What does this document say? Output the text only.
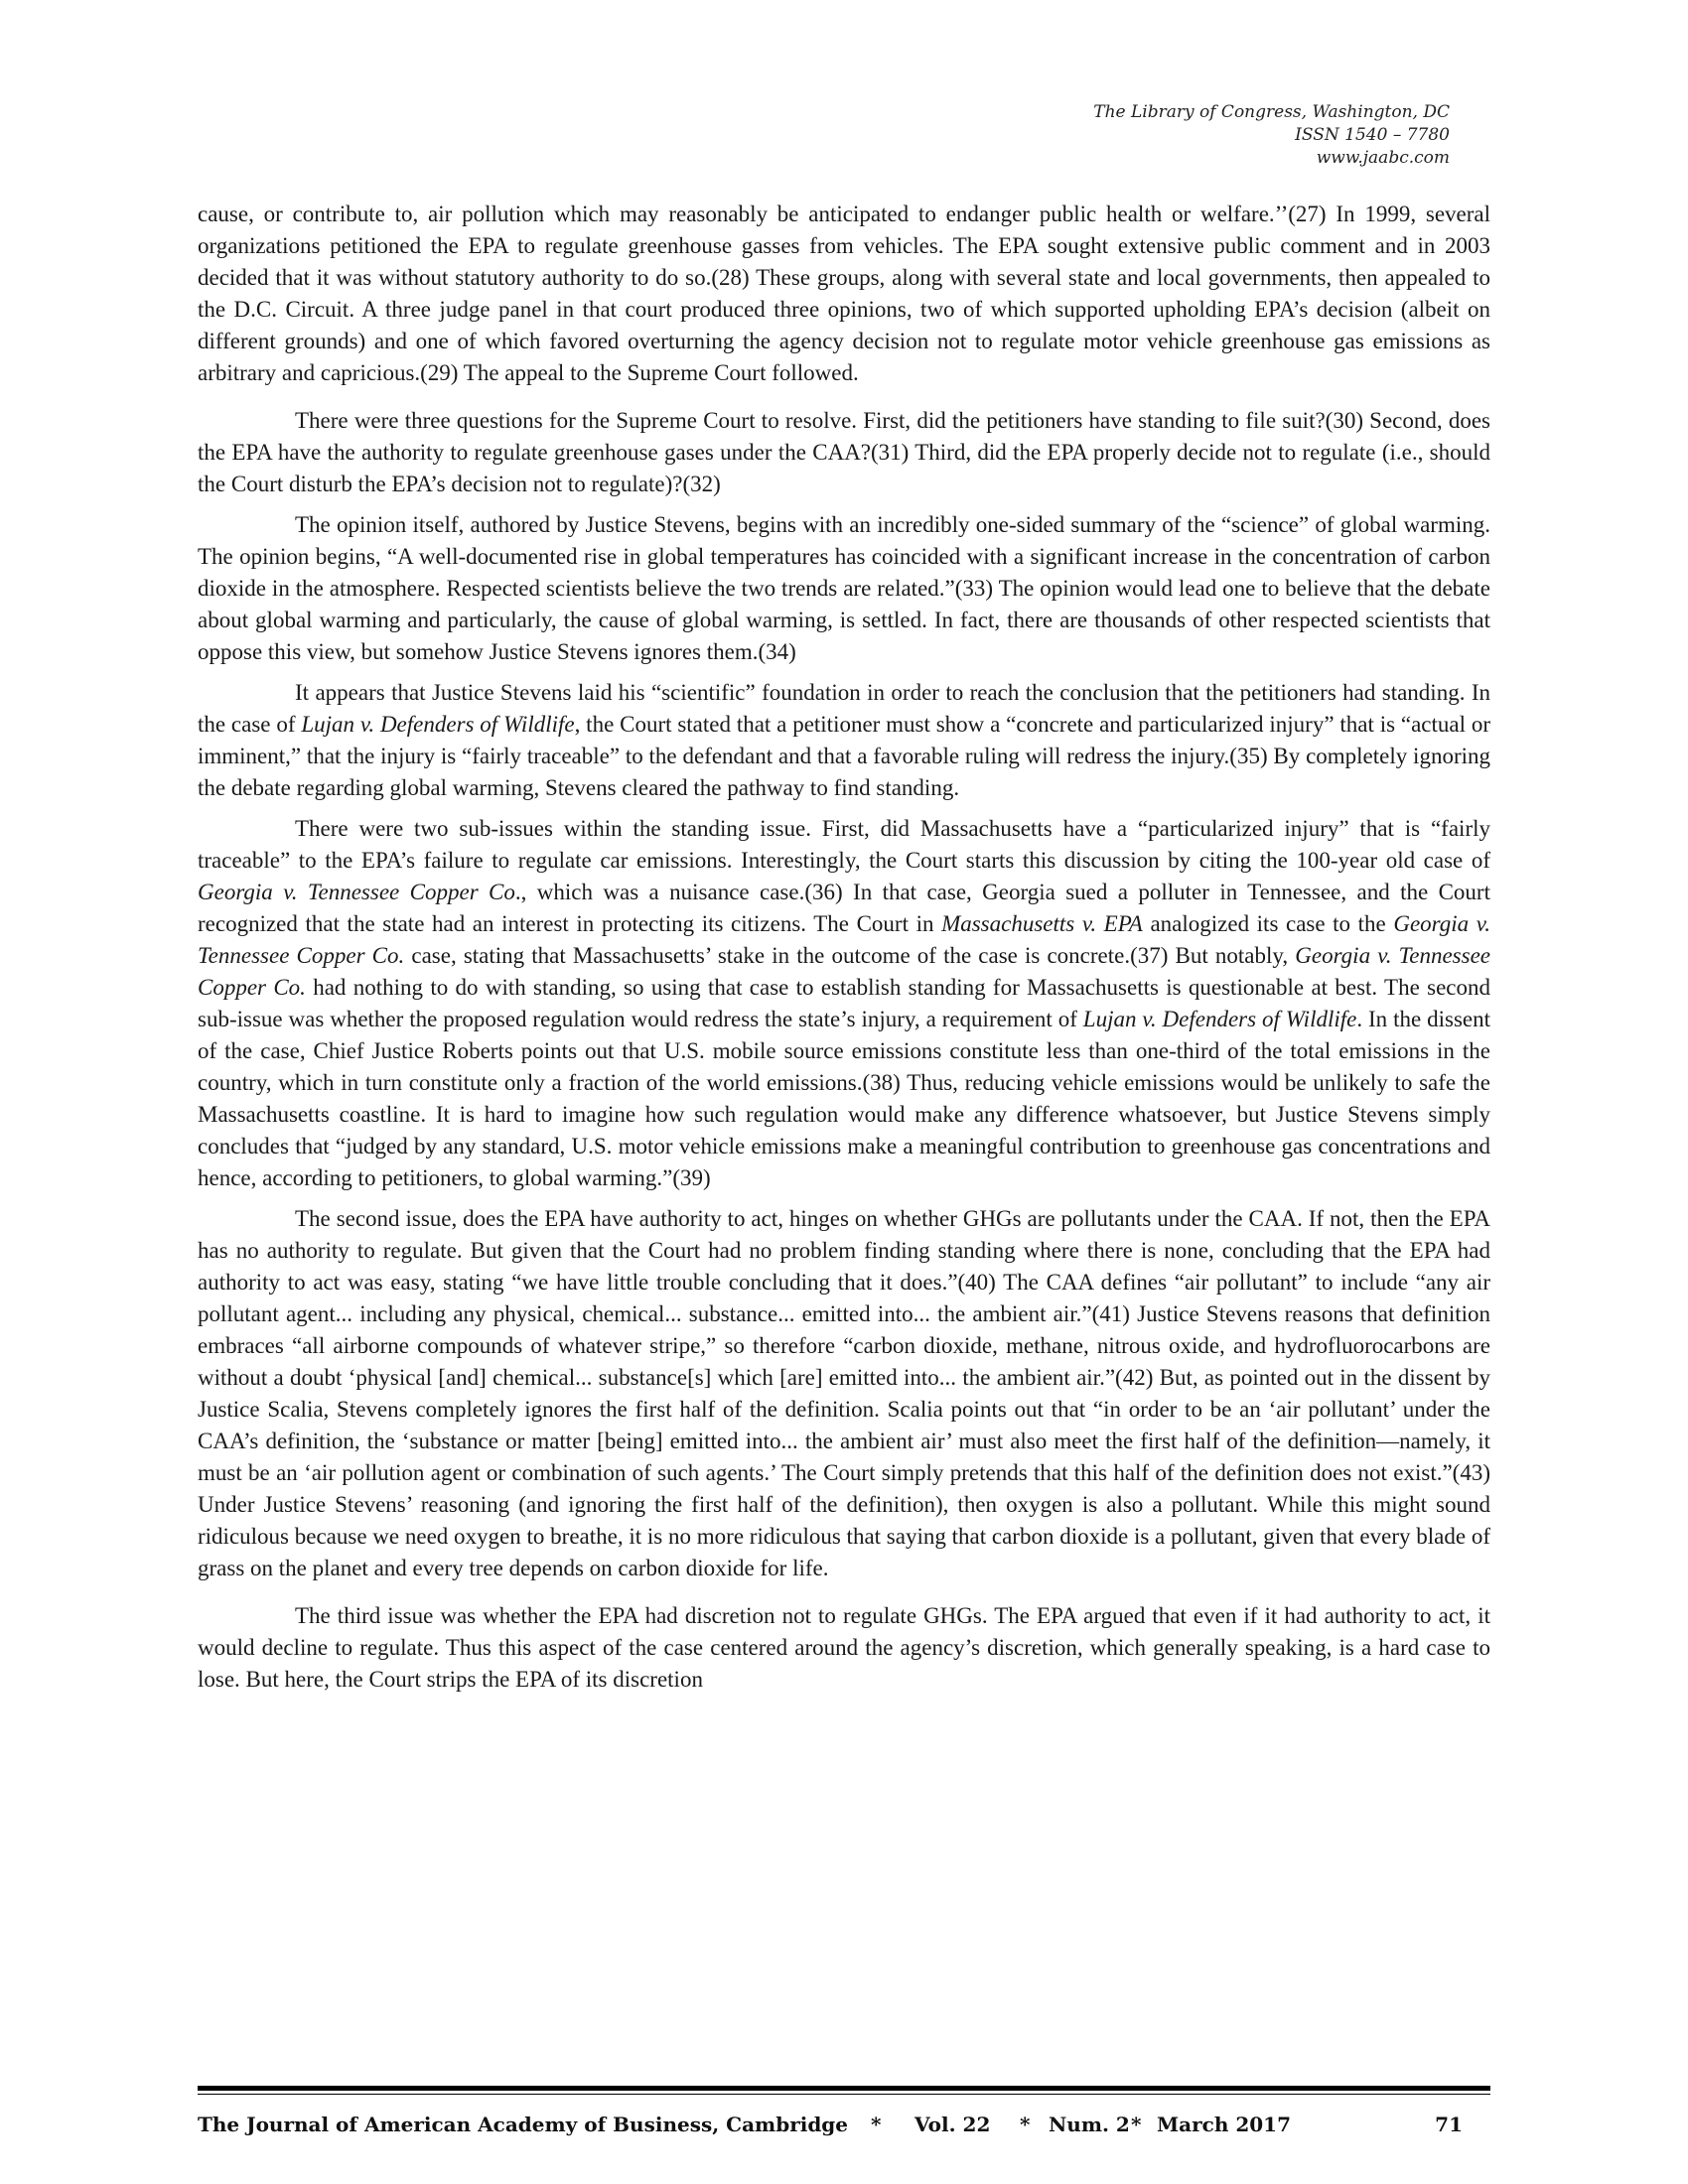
The Library of Congress, Washington, DC
ISSN 1540 – 7780
www.jaabc.com

cause, or contribute to, air pollution which may reasonably be anticipated to endanger public health or welfare.’’(27) In 1999, several organizations petitioned the EPA to regulate greenhouse gasses from vehicles. The EPA sought extensive public comment and in 2003 decided that it was without statutory authority to do so.(28) These groups, along with several state and local governments, then appealed to the D.C. Circuit. A three judge panel in that court produced three opinions, two of which supported upholding EPA’s decision (albeit on different grounds) and one of which favored overturning the agency decision not to regulate motor vehicle greenhouse gas emissions as arbitrary and capricious.(29) The appeal to the Supreme Court followed.

There were three questions for the Supreme Court to resolve. First, did the petitioners have standing to file suit?(30) Second, does the EPA have the authority to regulate greenhouse gases under the CAA?(31) Third, did the EPA properly decide not to regulate (i.e., should the Court disturb the EPA’s decision not to regulate)?(32)

The opinion itself, authored by Justice Stevens, begins with an incredibly one-sided summary of the “science” of global warming. The opinion begins, “A well-documented rise in global temperatures has coincided with a significant increase in the concentration of carbon dioxide in the atmosphere. Respected scientists believe the two trends are related.”(33) The opinion would lead one to believe that the debate about global warming and particularly, the cause of global warming, is settled. In fact, there are thousands of other respected scientists that oppose this view, but somehow Justice Stevens ignores them.(34)

It appears that Justice Stevens laid his “scientific” foundation in order to reach the conclusion that the petitioners had standing. In the case of Lujan v. Defenders of Wildlife, the Court stated that a petitioner must show a “concrete and particularized injury” that is “actual or imminent,” that the injury is “fairly traceable” to the defendant and that a favorable ruling will redress the injury.(35) By completely ignoring the debate regarding global warming, Stevens cleared the pathway to find standing.

There were two sub-issues within the standing issue. First, did Massachusetts have a “particularized injury” that is “fairly traceable” to the EPA’s failure to regulate car emissions. Interestingly, the Court starts this discussion by citing the 100-year old case of Georgia v. Tennessee Copper Co., which was a nuisance case.(36) In that case, Georgia sued a polluter in Tennessee, and the Court recognized that the state had an interest in protecting its citizens. The Court in Massachusetts v. EPA analogized its case to the Georgia v. Tennessee Copper Co. case, stating that Massachusetts’ stake in the outcome of the case is concrete.(37) But notably, Georgia v. Tennessee Copper Co. had nothing to do with standing, so using that case to establish standing for Massachusetts is questionable at best. The second sub-issue was whether the proposed regulation would redress the state’s injury, a requirement of Lujan v. Defenders of Wildlife. In the dissent of the case, Chief Justice Roberts points out that U.S. mobile source emissions constitute less than one-third of the total emissions in the country, which in turn constitute only a fraction of the world emissions.(38) Thus, reducing vehicle emissions would be unlikely to safe the Massachusetts coastline. It is hard to imagine how such regulation would make any difference whatsoever, but Justice Stevens simply concludes that “judged by any standard, U.S. motor vehicle emissions make a meaningful contribution to greenhouse gas concentrations and hence, according to petitioners, to global warming.”(39)

The second issue, does the EPA have authority to act, hinges on whether GHGs are pollutants under the CAA. If not, then the EPA has no authority to regulate. But given that the Court had no problem finding standing where there is none, concluding that the EPA had authority to act was easy, stating “we have little trouble concluding that it does.”(40) The CAA defines “air pollutant” to include “any air pollutant agent... including any physical, chemical... substance... emitted into... the ambient air.”(41) Justice Stevens reasons that definition embraces “all airborne compounds of whatever stripe,” so therefore “carbon dioxide, methane, nitrous oxide, and hydrofluorocarbons are without a doubt ‘physical [and] chemical... substance[s] which [are] emitted into... the ambient air.”(42) But, as pointed out in the dissent by Justice Scalia, Stevens completely ignores the first half of the definition. Scalia points out that “in order to be an ‘air pollutant’ under the CAA’s definition, the ‘substance or matter [being] emitted into... the ambient air’ must also meet the first half of the definition—namely, it must be an ‘air pollution agent or combination of such agents.’ The Court simply pretends that this half of the definition does not exist.”(43) Under Justice Stevens’ reasoning (and ignoring the first half of the definition), then oxygen is also a pollutant. While this might sound ridiculous because we need oxygen to breathe, it is no more ridiculous that saying that carbon dioxide is a pollutant, given that every blade of grass on the planet and every tree depends on carbon dioxide for life.

The third issue was whether the EPA had discretion not to regulate GHGs. The EPA argued that even if it had authority to act, it would decline to regulate. Thus this aspect of the case centered around the agency’s discretion, which generally speaking, is a hard case to lose. But here, the Court strips the EPA of its discretion

The Journal of American Academy of Business, Cambridge * Vol. 22 * Num. 2 * March 2017	71
